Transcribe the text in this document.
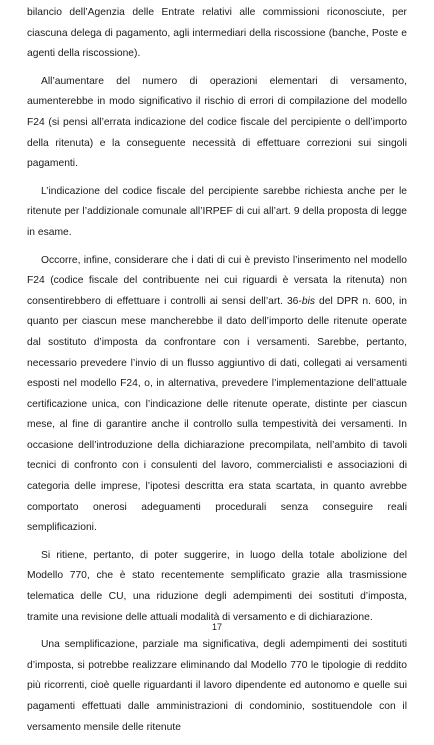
bilancio dell’Agenzia delle Entrate relativi alle commissioni riconosciute, per ciascuna delega di pagamento, agli intermediari della riscossione (banche, Poste e agenti della riscossione).

All’aumentare del numero di operazioni elementari di versamento, aumenterebbe in modo significativo il rischio di errori di compilazione del modello F24 (si pensi all’errata indicazione del codice fiscale del percipiente o dell’importo della ritenuta) e la conseguente necessità di effettuare correzioni sui singoli pagamenti.

L’indicazione del codice fiscale del percipiente sarebbe richiesta anche per le ritenute per l’addizionale comunale all’IRPEF di cui all’art. 9 della proposta di legge in esame.

Occorre, infine, considerare che i dati di cui è previsto l’inserimento nel modello F24 (codice fiscale del contribuente nei cui riguardi è versata la ritenuta) non consentirebbero di effettuare i controlli ai sensi dell’art. 36-bis del DPR n. 600, in quanto per ciascun mese mancherebbe il dato dell’importo delle ritenute operate dal sostituto d’imposta da confrontare con i versamenti. Sarebbe, pertanto, necessario prevedere l’invio di un flusso aggiuntivo di dati, collegati ai versamenti esposti nel modello F24, o, in alternativa, prevedere l’implementazione dell’attuale certificazione unica, con l’indicazione delle ritenute operate, distinte per ciascun mese, al fine di garantire anche il controllo sulla tempestività dei versamenti. In occasione dell’introduzione della dichiarazione precompilata, nell’ambito di tavoli tecnici di confronto con i consulenti del lavoro, commercialisti e associazioni di categoria delle imprese, l’ipotesi descritta era stata scartata, in quanto avrebbe comportato onerosi adeguamenti procedurali senza conseguire reali semplificazioni.

Si ritiene, pertanto, di poter suggerire, in luogo della totale abolizione del Modello 770, che è stato recentemente semplificato grazie alla trasmissione telematica delle CU, una riduzione degli adempimenti dei sostituti d’imposta, tramite una revisione delle attuali modalità di versamento e di dichiarazione.

Una semplificazione, parziale ma significativa, degli adempimenti dei sostituti d’imposta, si potrebbe realizzare eliminando dal Modello 770 le tipologie di reddito più ricorrenti, cioè quelle riguardanti il lavoro dipendente ed autonomo e quelle sui pagamenti effettuati dalle amministrazioni di condominio, sostituendole con il versamento mensile delle ritenute

17
